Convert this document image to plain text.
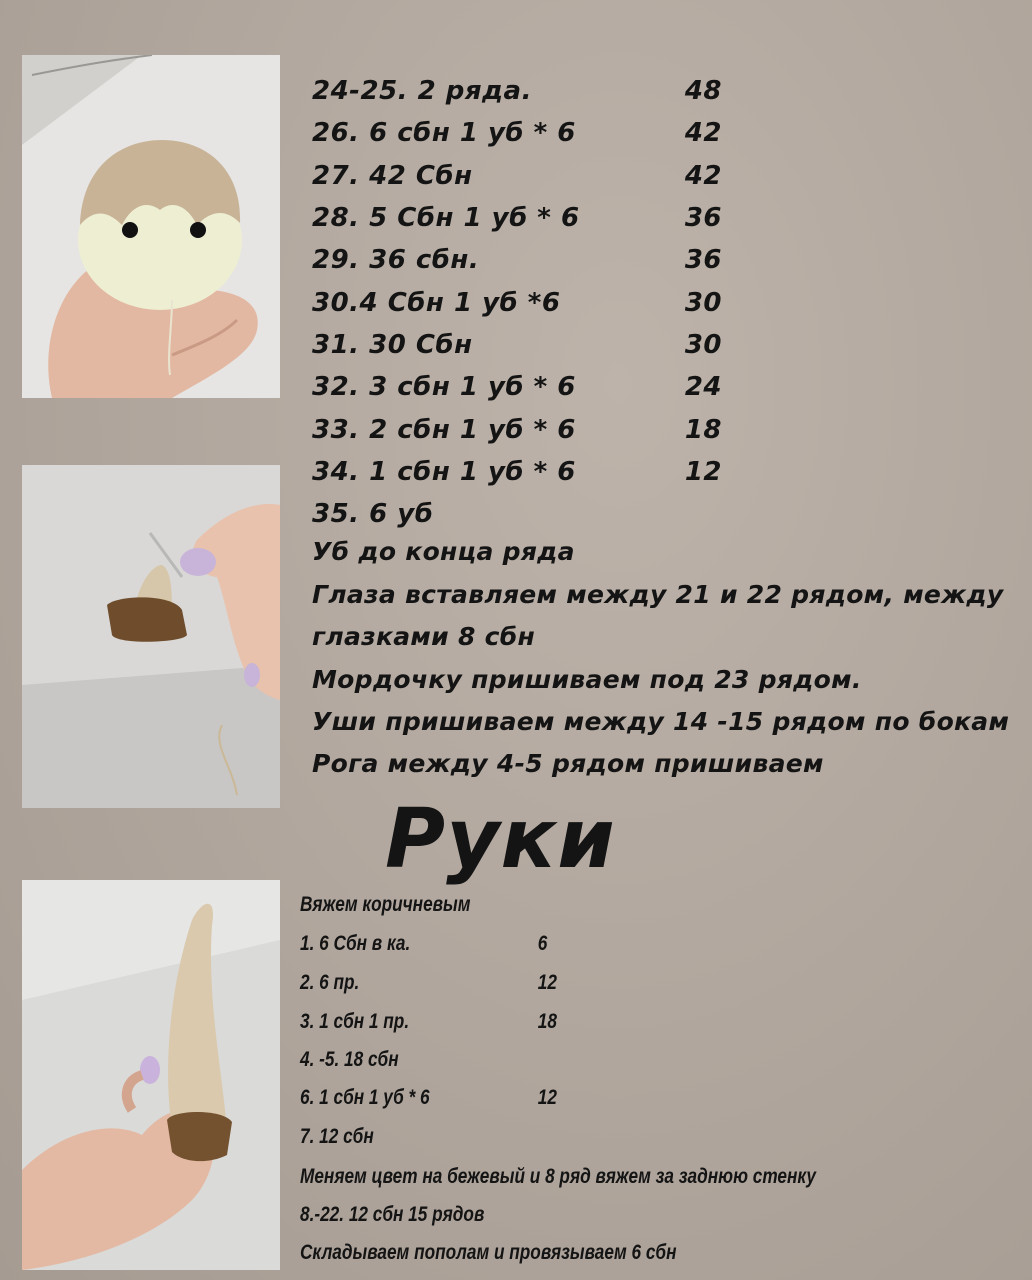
24-25. 2 ряда.	48
26. 6 сбн 1 уб * 6	42
27. 42 Сбн	42
28. 5 Сбн 1 уб * 6	36
29. 36 сбн.	36
30.4 Сбн 1 уб *6	30
31. 30 Сбн	30
32. 3 сбн 1 уб * 6	24
33. 2 сбн 1 уб * 6	18
34. 1 сбн 1 уб * 6	12
35. 6 уб
Уб до конца ряда
Глаза вставляем между 21 и 22 рядом, между
глазками 8 сбн
Мордочку пришиваем под 23 рядом.
Уши пришиваем между 14 -15 рядом по бокам
Рога между 4-5 рядом пришиваем
Руки
Вяжем коричневым
1. 6 Сбн в ка.	6
2. 6 пр.	12
3. 1 сбн 1 пр.	18
4. -5. 18 сбн
6. 1 сбн 1 уб * 6	12
7. 12 сбн
Меняем цвет на бежевый и 8 ряд вяжем за заднюю стенку
8.-22. 12 сбн 15 рядов
Складываем пополам и провязываем 6 сбн
